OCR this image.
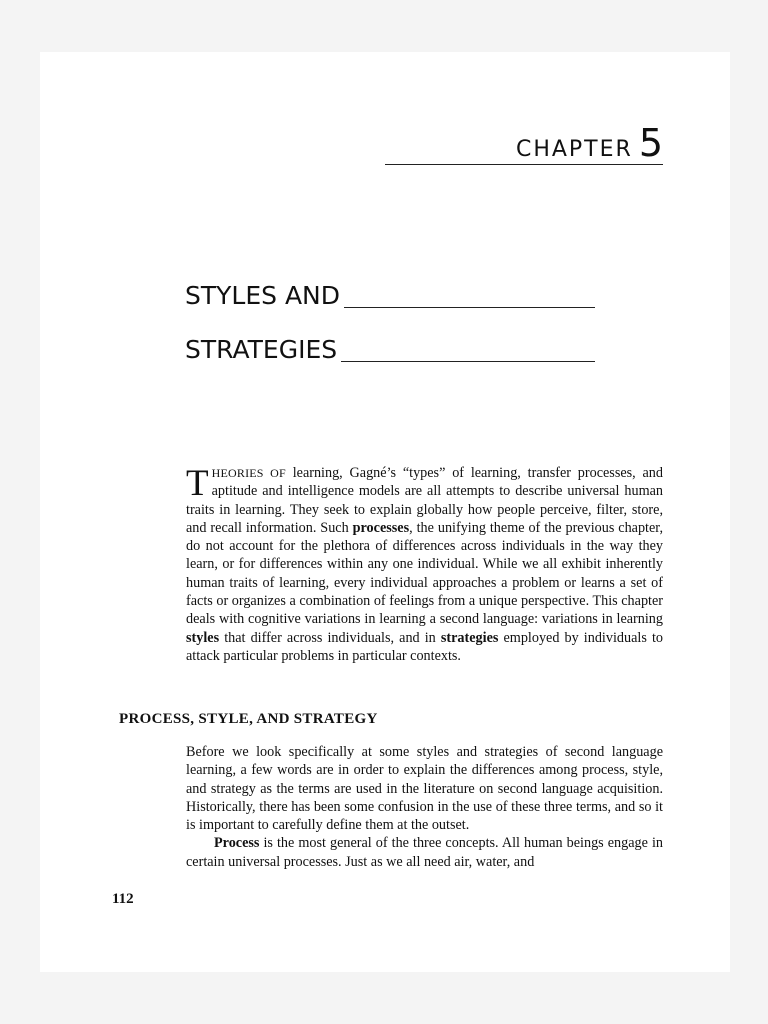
CHAPTER 5
STYLES AND
STRATEGIES
THEORIES OF learning, Gagné’s “types” of learning, transfer processes, and aptitude and intelligence models are all attempts to describe universal human traits in learning. They seek to explain globally how people perceive, filter, store, and recall information. Such processes, the unifying theme of the previous chapter, do not account for the plethora of differences across individuals in the way they learn, or for differences within any one individual. While we all exhibit inherently human traits of learning, every individual approaches a problem or learns a set of facts or organizes a combination of feelings from a unique perspective. This chapter deals with cognitive variations in learning a second language: variations in learning styles that differ across individuals, and in strategies employed by individuals to attack particular problems in particular contexts.
PROCESS, STYLE, AND STRATEGY

Before we look specifically at some styles and strategies of second language learning, a few words are in order to explain the differences among process, style, and strategy as the terms are used in the literature on second language acquisition. Historically, there has been some confusion in the use of these three terms, and so it is important to carefully define them at the outset.

Process is the most general of the three concepts. All human beings engage in certain universal processes. Just as we all need air, water, and

112
